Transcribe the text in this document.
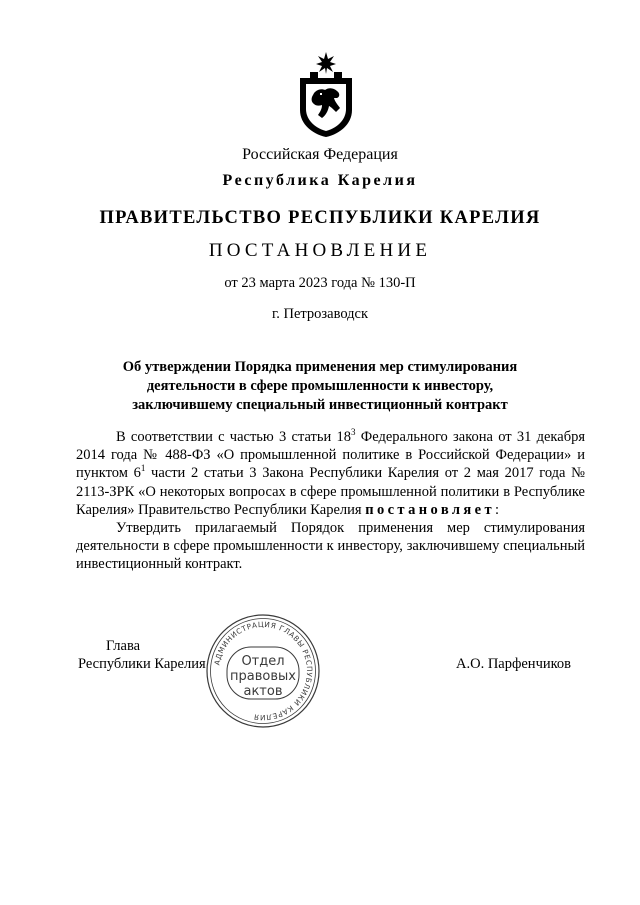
Российская Федерация
Республика Карелия
ПРАВИТЕЛЬСТВО РЕСПУБЛИКИ КАРЕЛИЯ
ПОСТАНОВЛЕНИЕ
от 23 марта 2023 года № 130-П
г. Петрозаводск
Об утверждении Порядка применения мер стимулирования
деятельности в сфере промышленности к инвестору,
заключившему специальный инвестиционный контракт

В соответствии с частью 3 статьи $18^3$ Федерального закона от 31 декабря 2014 года № 488-ФЗ «О промышленной политике в Российской Федерации» и пунктом $6^1$ части 2 статьи 3 Закона Республики Карелия от 2 мая 2017 года № 2113-ЗРК «О некоторых вопросах в сфере промышленной политики в Республике Карелия» Правительство Республики Карелия постановляет:

Утвердить прилагаемый Порядок применения мер стимулирования деятельности в сфере промышленности к инвестору, заключившему специальный инвестиционный контракт.

Глава
Республики Карелия	А.О. Парфенчиков
АДМИНИСТРАЦИЯ ГЛАВЫ РЕСПУБЛИКИ КАРЕЛИЯ
Отдел
правовых
актов
